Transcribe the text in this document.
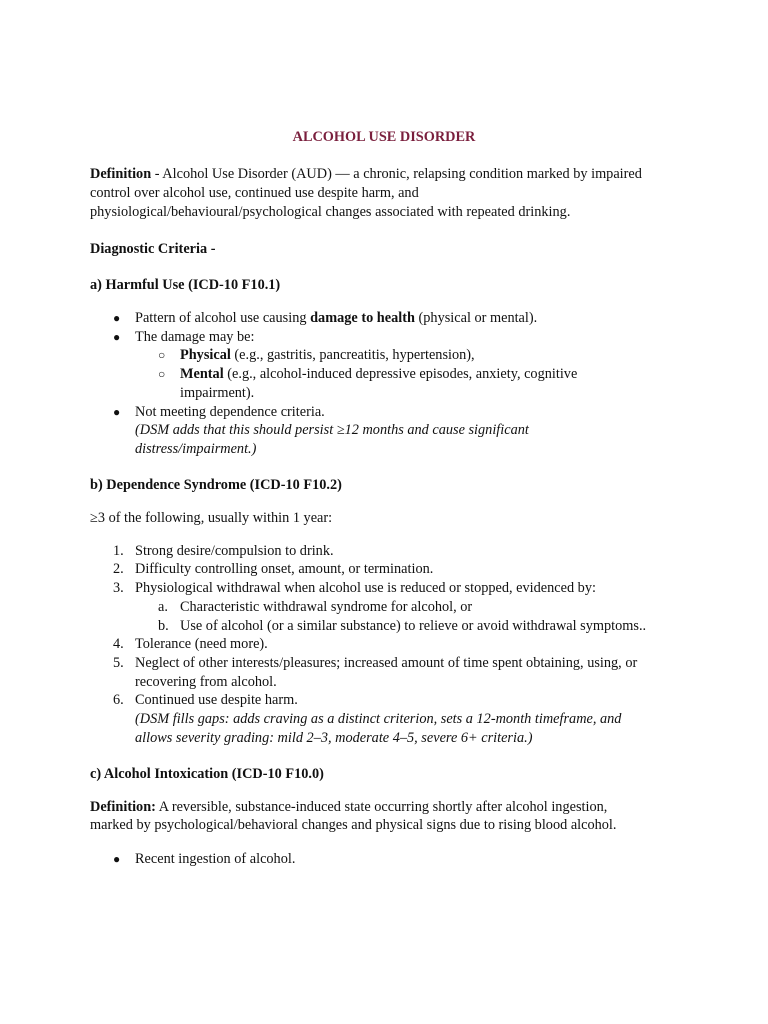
ALCOHOL USE DISORDER
Definition - Alcohol Use Disorder (AUD) — a chronic, relapsing condition marked by impaired
control over alcohol use, continued use despite harm, and
physiological/behavioural/psychological changes associated with repeated drinking.
Diagnostic Criteria -
a) Harmful Use (ICD-10 F10.1)
● Pattern of alcohol use causing damage to health (physical or mental).
● The damage may be:
○ Physical (e.g., gastritis, pancreatitis, hypertension),
○ Mental (e.g., alcohol-induced depressive episodes, anxiety, cognitive
impairment).
● Not meeting dependence criteria.
(DSM adds that this should persist ≥12 months and cause significant
distress/impairment.)
b) Dependence Syndrome (ICD-10 F10.2)
≥3 of the following, usually within 1 year:
1. Strong desire/compulsion to drink.
2. Difficulty controlling onset, amount, or termination.
3. Physiological withdrawal when alcohol use is reduced or stopped, evidenced by:
a. Characteristic withdrawal syndrome for alcohol, or
b. Use of alcohol (or a similar substance) to relieve or avoid withdrawal symptoms..
4. Tolerance (need more).
5. Neglect of other interests/pleasures; increased amount of time spent obtaining, using, or
recovering from alcohol.
6. Continued use despite harm.
(DSM fills gaps: adds craving as a distinct criterion, sets a 12-month timeframe, and
allows severity grading: mild 2–3, moderate 4–5, severe 6+ criteria.)
c) Alcohol Intoxication (ICD-10 F10.0)
Definition: A reversible, substance-induced state occurring shortly after alcohol ingestion,
marked by psychological/behavioral changes and physical signs due to rising blood alcohol.
● Recent ingestion of alcohol.
